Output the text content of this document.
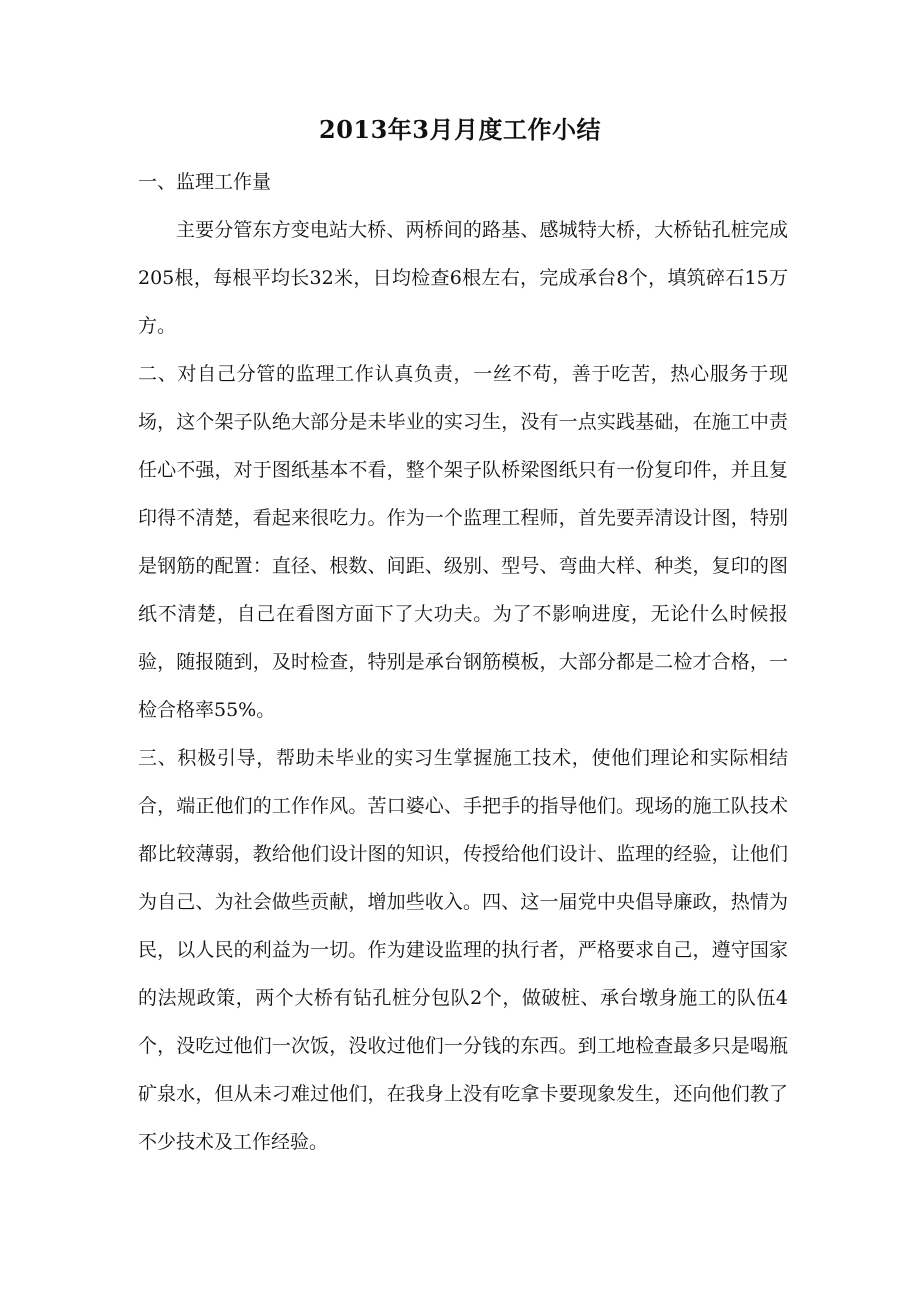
2013年3月月度工作小结

一、监理工作量

主要分管东方变电站大桥、两桥间的路基、感城特大桥，大桥钻孔桩完成205根，每根平均长32米，日均检查6根左右，完成承台8个，填筑碎石15万方。

二、对自己分管的监理工作认真负责，一丝不苟，善于吃苦，热心服务于现场，这个架子队绝大部分是未毕业的实习生，没有一点实践基础，在施工中责任心不强，对于图纸基本不看，整个架子队桥梁图纸只有一份复印件，并且复印得不清楚，看起来很吃力。作为一个监理工程师，首先要弄清设计图，特别是钢筋的配置：直径、根数、间距、级别、型号、弯曲大样、种类，复印的图纸不清楚，自己在看图方面下了大功夫。为了不影响进度，无论什么时候报验，随报随到，及时检查，特别是承台钢筋模板，大部分都是二检才合格，一检合格率55%。

三、积极引导，帮助未毕业的实习生掌握施工技术，使他们理论和实际相结合，端正他们的工作作风。苦口婆心、手把手的指导他们。现场的施工队技术都比较薄弱，教给他们设计图的知识，传授给他们设计、监理的经验，让他们为自己、为社会做些贡献，增加些收入。四、这一届党中央倡导廉政，热情为民，以人民的利益为一切。作为建设监理的执行者，严格要求自己，遵守国家的法规政策，两个大桥有钻孔桩分包队2个，做破桩、承台墩身施工的队伍4个，没吃过他们一次饭，没收过他们一分钱的东西。到工地检查最多只是喝瓶矿泉水，但从未刁难过他们，在我身上没有吃拿卡要现象发生，还向他们教了不少技术及工作经验。
